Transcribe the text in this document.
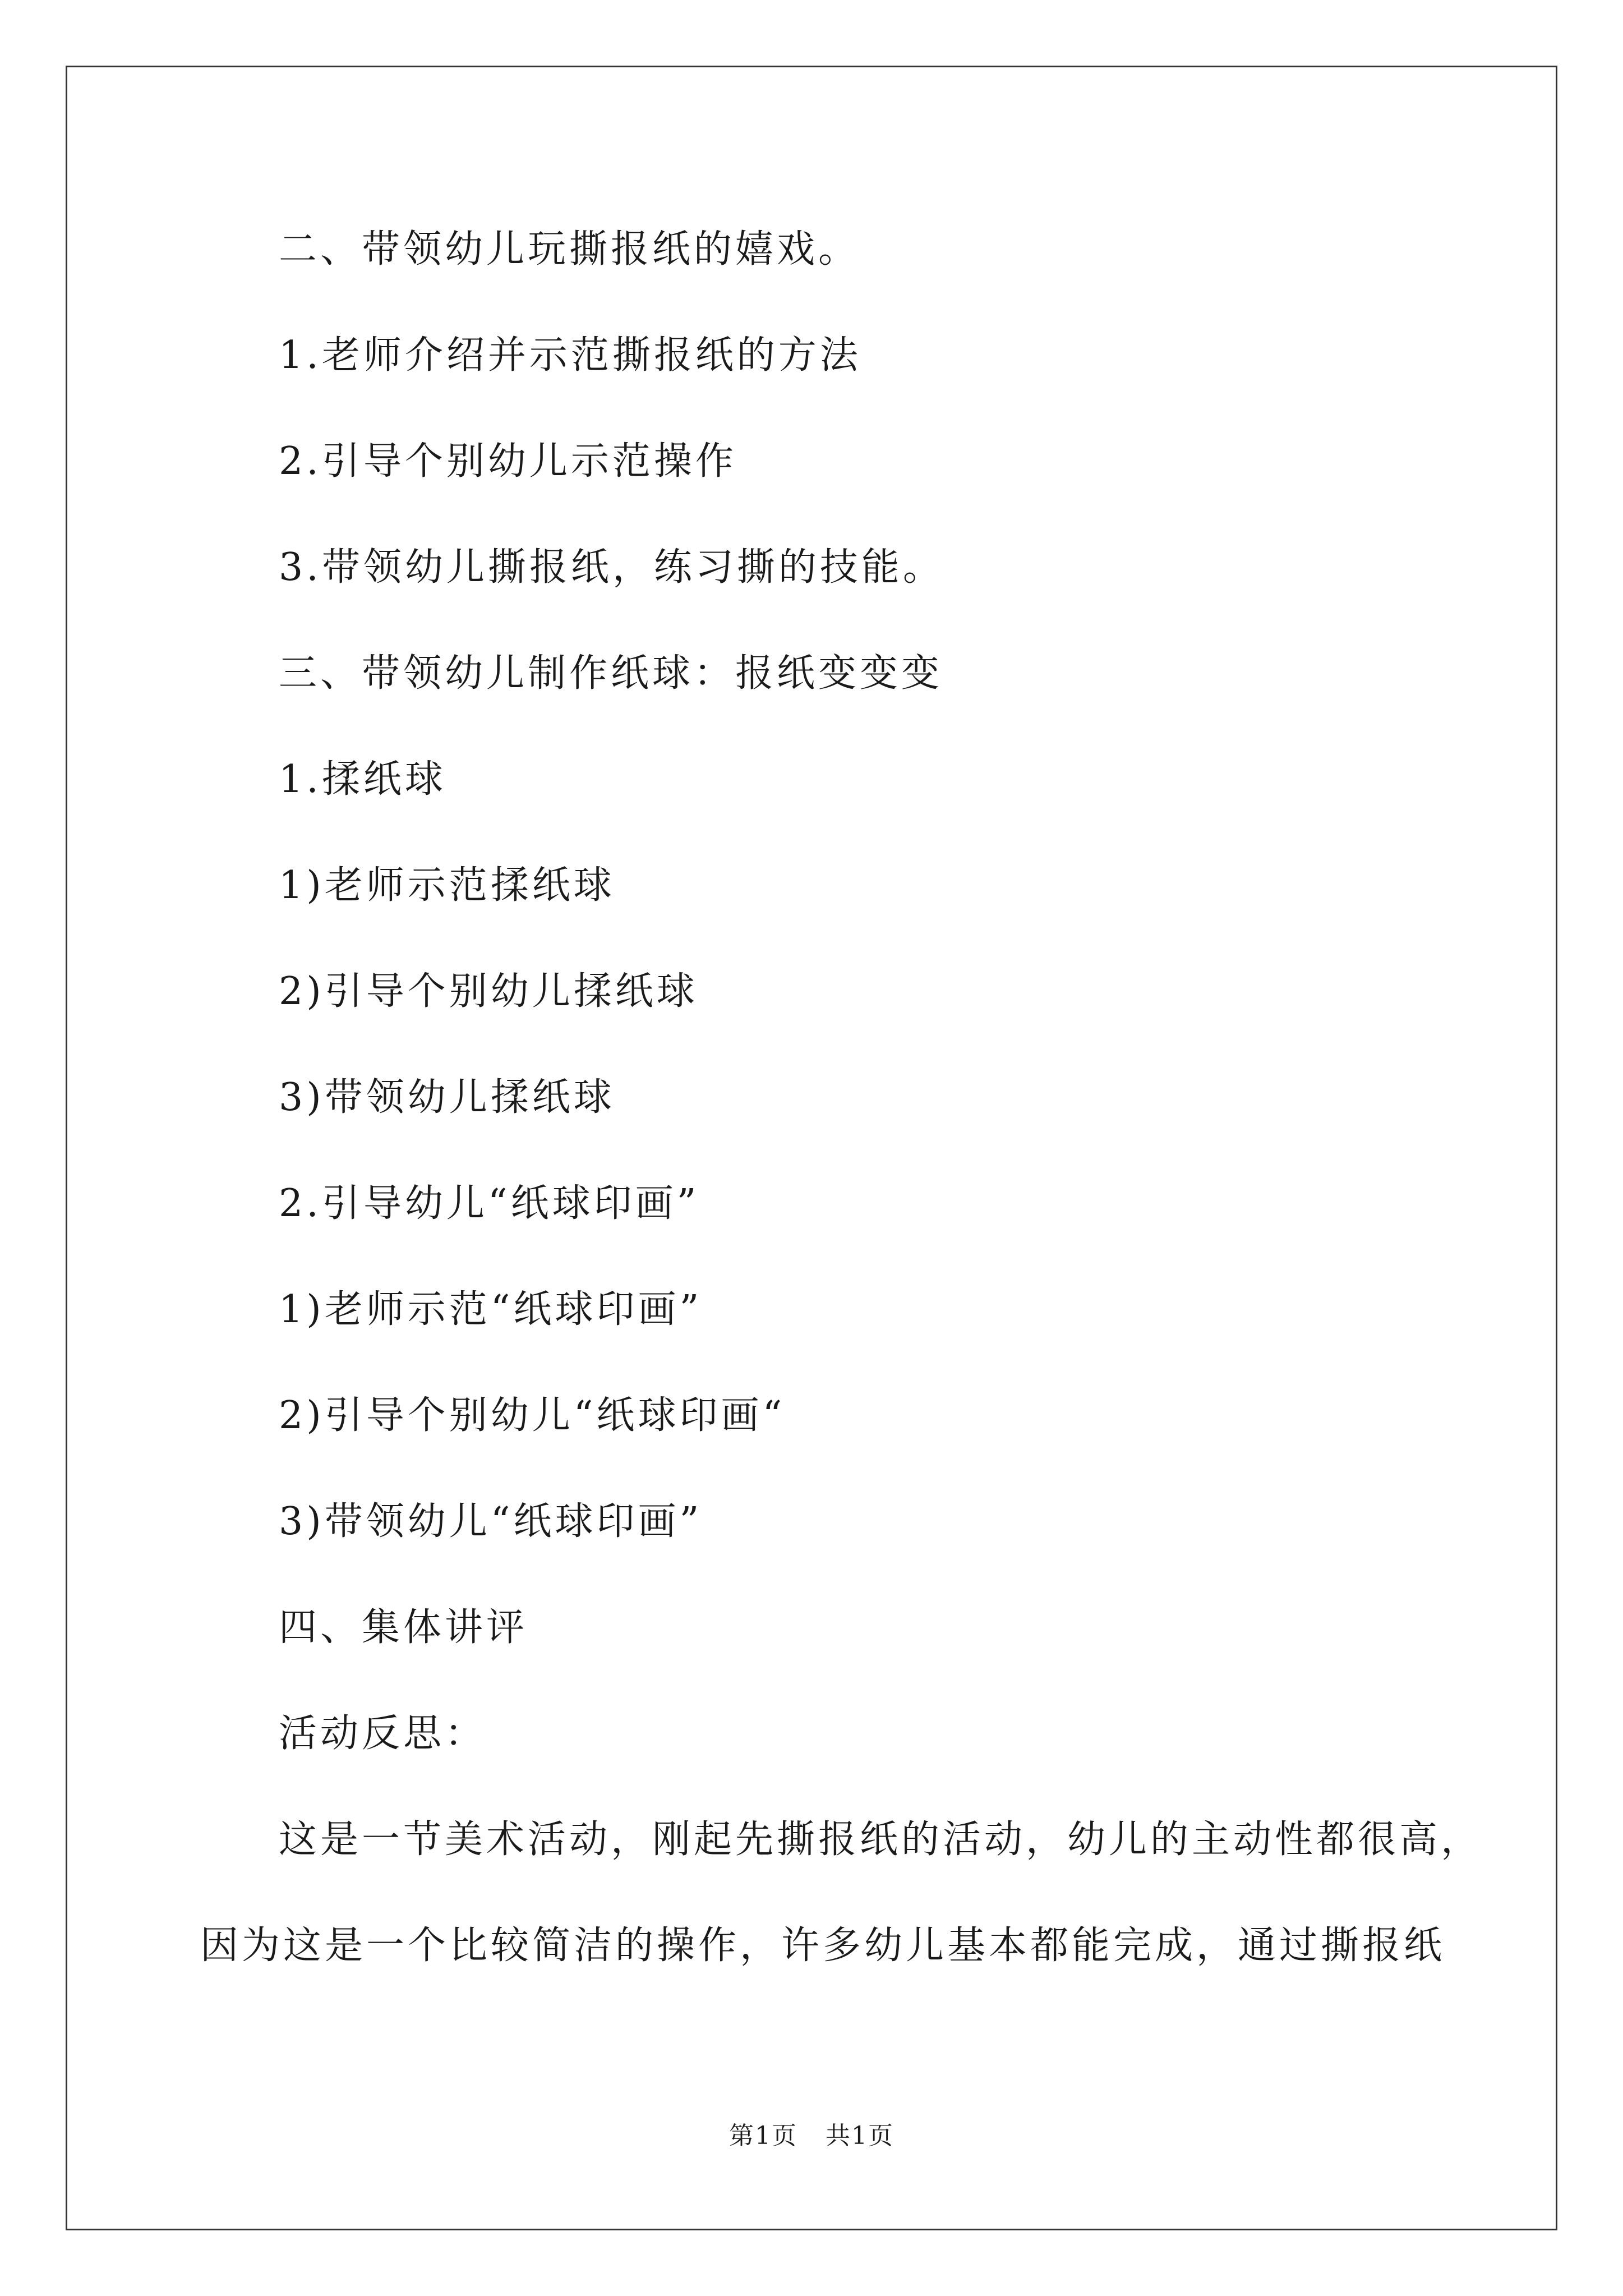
二、带领幼儿玩撕报纸的嬉戏。
1.老师介绍并示范撕报纸的方法
2.引导个别幼儿示范操作
3.带领幼儿撕报纸，练习撕的技能。
三、带领幼儿制作纸球：报纸变变变
1.揉纸球
1)老师示范揉纸球
2)引导个别幼儿揉纸球
3)带领幼儿揉纸球
2.引导幼儿“纸球印画”
1)老师示范“纸球印画”
2)引导个别幼儿“纸球印画“
3)带领幼儿“纸球印画”
四、集体讲评
活动反思：
这是一节美术活动，刚起先撕报纸的活动，幼儿的主动性都很高，
因为这是一个比较简洁的操作，许多幼儿基本都能完成，通过撕报纸
第1页 共1页
